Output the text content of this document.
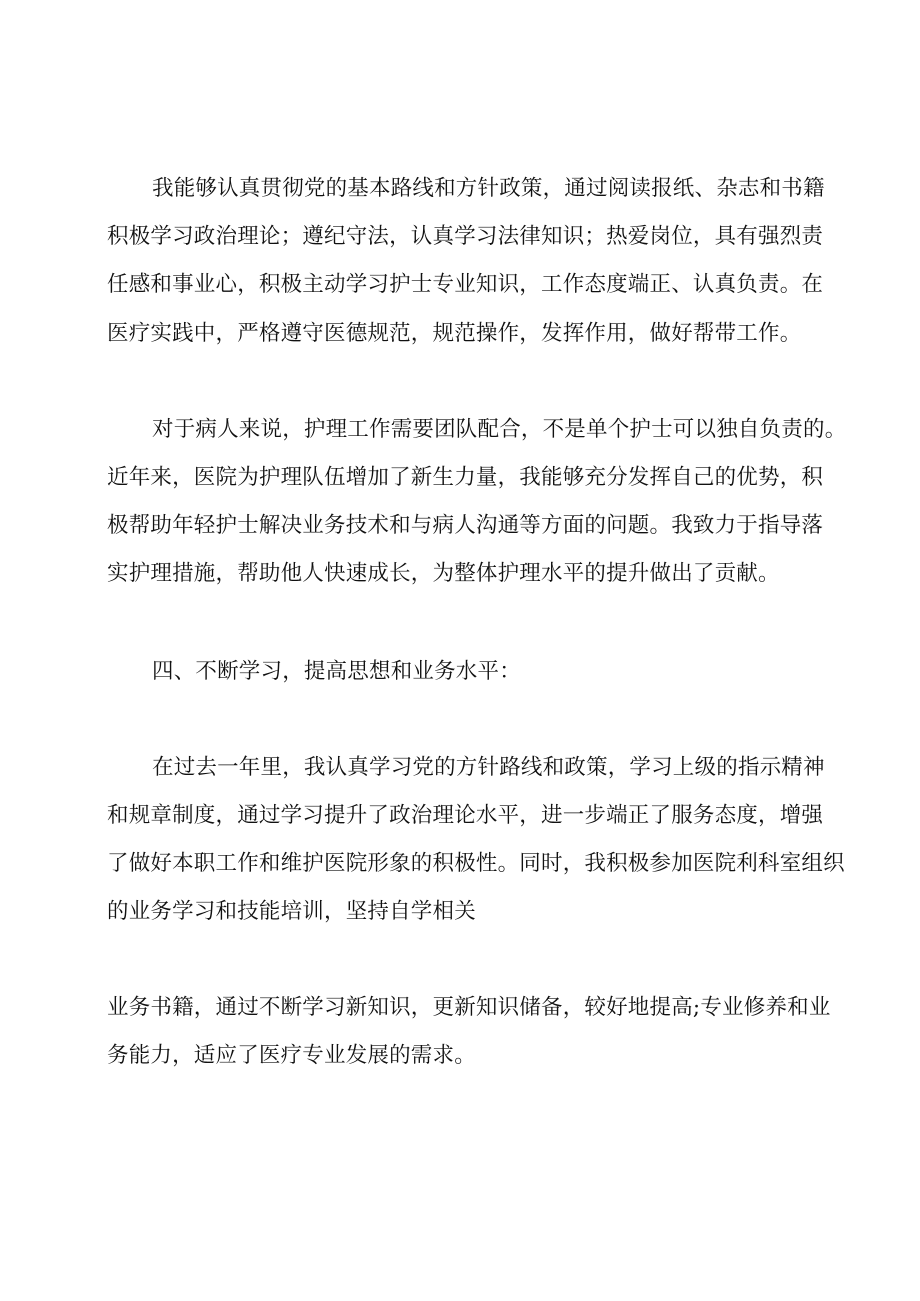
我能够认真贯彻党的基本路线和方针政策，通过阅读报纸、杂志和书籍
积极学习政治理论；遵纪守法，认真学习法律知识；热爱岗位，具有强烈责
任感和事业心，积极主动学习护士专业知识，工作态度端正、认真负责。在
医疗实践中，严格遵守医德规范，规范操作，发挥作用，做好帮带工作。
对于病人来说，护理工作需要团队配合，不是单个护士可以独自负责的。
近年来，医院为护理队伍增加了新生力量，我能够充分发挥自己的优势，积
极帮助年轻护士解决业务技术和与病人沟通等方面的问题。我致力于指导落
实护理措施，帮助他人快速成长，为整体护理水平的提升做出了贡献。
四、不断学习，提高思想和业务水平：
在过去一年里，我认真学习党的方针路线和政策，学习上级的指示精神
和规章制度，通过学习提升了政治理论水平，进一步端正了服务态度，增强
了做好本职工作和维护医院形象的积极性。同时，我积极参加医院利科室组织
的业务学习和技能培训，坚持自学相关
业务书籍，通过不断学习新知识，更新知识储备，较好地提高;专业修养和业
务能力，适应了医疗专业发展的需求。
